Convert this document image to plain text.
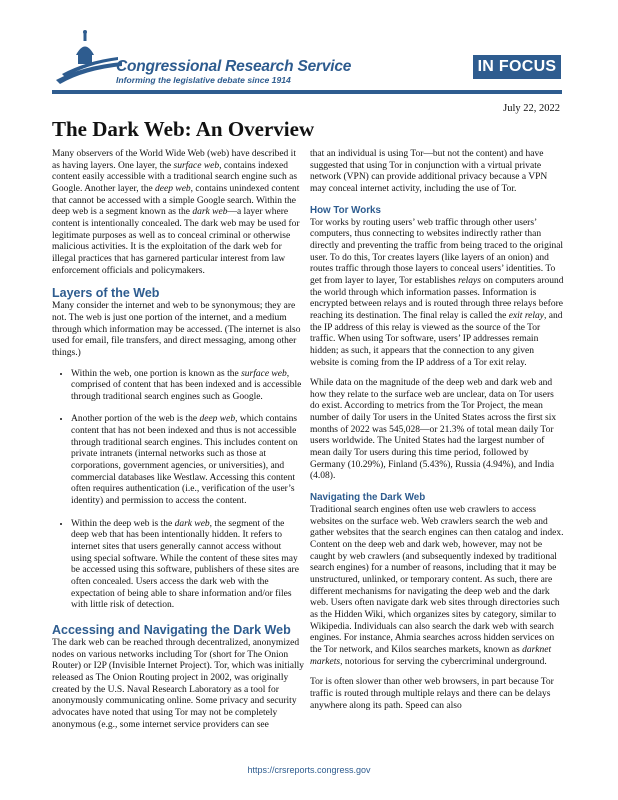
Congressional Research Service
Informing the legislative debate since 1914
IN FOCUS
July 22, 2022
The Dark Web: An Overview

Many observers of the World Wide Web (web) have described it as having layers. One layer, the surface web, contains indexed content easily accessible with a traditional search engine such as Google. Another layer, the deep web, contains unindexed content that cannot be accessed with a simple Google search. Within the deep web is a segment known as the dark web—a layer where content is intentionally concealed. The dark web may be used for legitimate purposes as well as to conceal criminal or otherwise malicious activities. It is the exploitation of the dark web for illegal practices that has garnered particular interest from law enforcement officials and policymakers.

Layers of the Web

Many consider the internet and web to be synonymous; they are not. The web is just one portion of the internet, and a medium through which information may be accessed. (The internet is also used for email, file transfers, and direct messaging, among other things.)

• Within the web, one portion is known as the surface web, comprised of content that has been indexed and is accessible through traditional search engines such as Google.
• Another portion of the web is the deep web, which contains content that has not been indexed and thus is not accessible through traditional search engines. This includes content on private intranets (internal networks such as those at corporations, government agencies, or universities), and commercial databases like Westlaw. Accessing this content often requires authentication (i.e., verification of the user’s identity) and permission to access the content.
• Within the deep web is the dark web, the segment of the deep web that has been intentionally hidden. It refers to internet sites that users generally cannot access without using special software. While the content of these sites may be accessed using this software, publishers of these sites are often concealed. Users access the dark web with the expectation of being able to share information and/or files with little risk of detection.
Accessing and Navigating the Dark Web

The dark web can be reached through decentralized, anonymized nodes on various networks including Tor (short for The Onion Router) or I2P (Invisible Internet Project). Tor, which was initially released as The Onion Routing project in 2002, was originally created by the U.S. Naval Research Laboratory as a tool for anonymously communicating online. Some privacy and security advocates have noted that using Tor may not be completely anonymous (e.g., some internet service providers can see

that an individual is using Tor—but not the content) and have suggested that using Tor in conjunction with a virtual private network (VPN) can provide additional privacy because a VPN may conceal internet activity, including the use of Tor.

How Tor Works

Tor works by routing users’ web traffic through other users’ computers, thus connecting to websites indirectly rather than directly and preventing the traffic from being traced to the original user. To do this, Tor creates layers (like layers of an onion) and routes traffic through those layers to conceal users’ identities. To get from layer to layer, Tor establishes relays on computers around the world through which information passes. Information is encrypted between relays and is routed through three relays before reaching its destination. The final relay is called the exit relay, and the IP address of this relay is viewed as the source of the Tor traffic. When using Tor software, users’ IP addresses remain hidden; as such, it appears that the connection to any given website is coming from the IP address of a Tor exit relay.

While data on the magnitude of the deep web and dark web and how they relate to the surface web are unclear, data on Tor users do exist. According to metrics from the Tor Project, the mean number of daily Tor users in the United States across the first six months of 2022 was 545,028—or 21.3% of total mean daily Tor users worldwide. The United States had the largest number of mean daily Tor users during this time period, followed by Germany (10.29%), Finland (5.43%), Russia (4.94%), and India (4.08).

Navigating the Dark Web

Traditional search engines often use web crawlers to access websites on the surface web. Web crawlers search the web and gather websites that the search engines can then catalog and index. Content on the deep web and dark web, however, may not be caught by web crawlers (and subsequently indexed by traditional search engines) for a number of reasons, including that it may be unstructured, unlinked, or temporary content. As such, there are different mechanisms for navigating the deep web and the dark web. Users often navigate dark web sites through directories such as the Hidden Wiki, which organizes sites by category, similar to Wikipedia. Individuals can also search the dark web with search engines. For instance, Ahmia searches across hidden services on the Tor network, and Kilos searches markets, known as darknet markets, notorious for serving the cybercriminal underground.

Tor is often slower than other web browsers, in part because Tor traffic is routed through multiple relays and there can be delays anywhere along its path. Speed can also

https://crsreports.congress.gov
